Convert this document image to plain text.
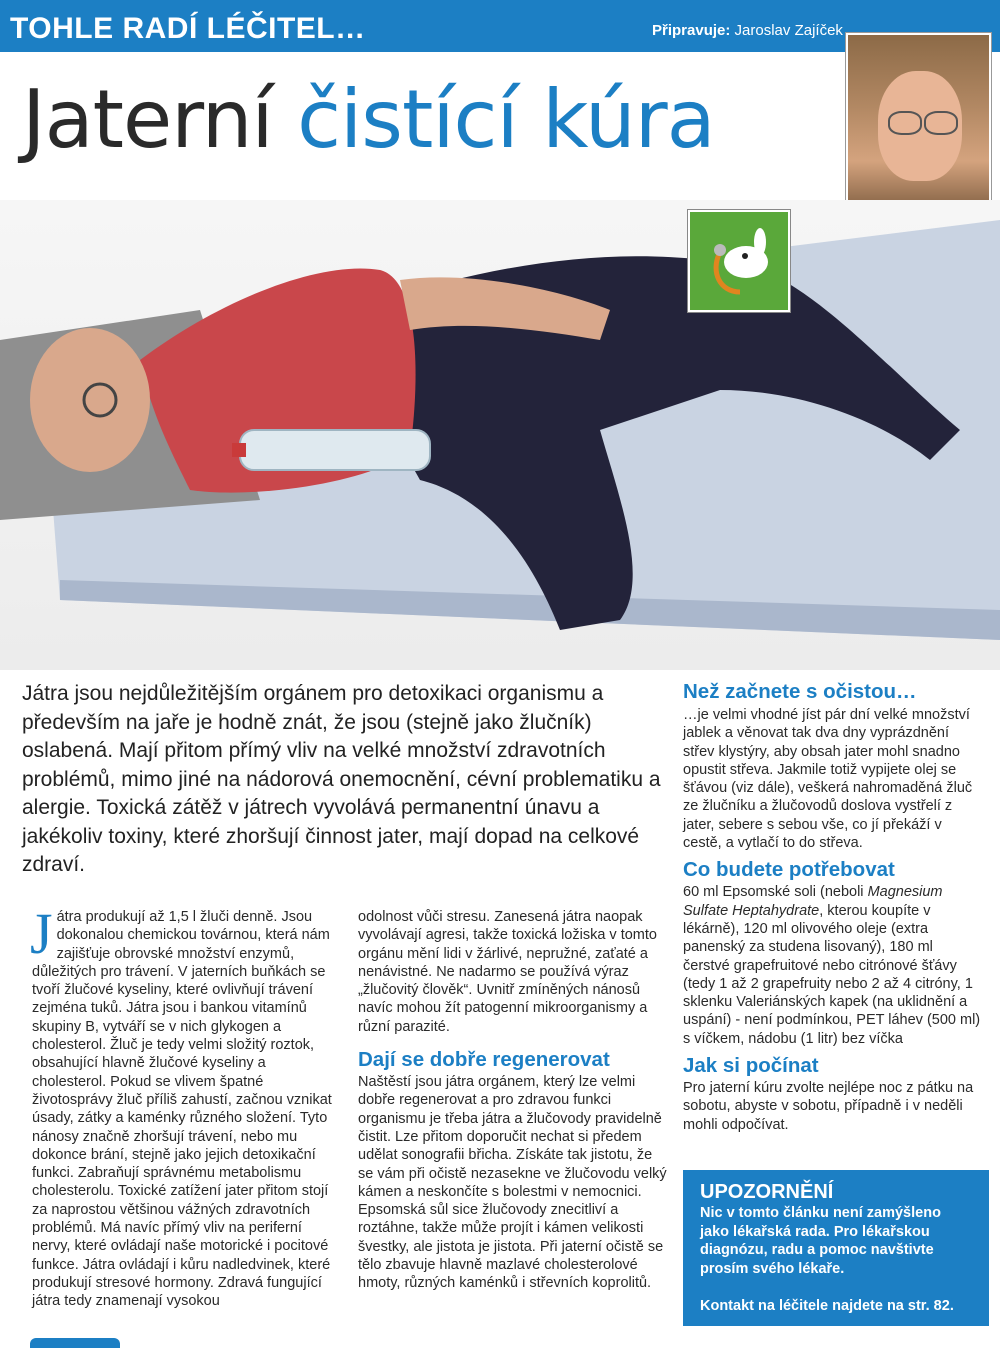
TOHLE RADÍ LÉČITEL…	Připravuje: Jaroslav Zajíček
Jaterní čistící kúra
Játra jsou nejdůležitějším orgánem pro detoxikaci organismu a především na jaře je hodně znát, že jsou (stejně jako žlučník) oslabená. Mají přitom přímý vliv na velké množství zdravotních problémů, mimo jiné na nádorová onemocnění, cévní problematiku a alergie. Toxická zátěž v játrech vyvolává permanentní únavu a jakékoliv toxiny, které zhoršují činnost jater, mají dopad na celkové zdraví.
J átra produkují až 1,5 l žluči denně. Jsou dokonalou chemickou továrnou, která nám zajišťuje obrovské množství enzymů, důležitých pro trávení. V jaterních buňkách se tvoří žlučové kyseliny, které ovlivňují trávení zejména tuků. Játra jsou i bankou vitamínů skupiny B, vytváří se v nich glykogen a cholesterol. Žluč je tedy velmi složitý roztok, obsahující hlavně žlučové kyseliny a cholesterol. Pokud se vlivem špatné životosprávy žluč příliš zahustí, začnou vznikat úsady, zátky a kaménky různého složení. Tyto nánosy značně zhoršují trávení, nebo mu dokonce brání, stejně jako jejich detoxikační funkci. Zabraňují správnému metabolismu cholesterolu. Toxické zatížení jater přitom stojí za naprostou většinou vážných zdravotních problémů. Má navíc přímý vliv na periferní nervy, které ovládají naše motorické i pocitové funkce. Játra ovládají i kůru nadledvinek, které produkují stresové hormony. Zdravá fungující játra tedy znamenají vysokou

odolnost vůči stresu. Zanesená játra naopak vyvolávají agresi, takže toxická ložiska v tomto orgánu mění lidi v žárlivé, nepružné, zaťaté a nenávistné. Ne nadarmo se používá výraz „žlučovitý člověk“. Uvnitř zmíněných nánosů navíc mohou žít patogenní mikroorganismy a různí parazité.

Dají se dobře regenerovat

Naštěstí jsou játra orgánem, který lze velmi dobře regenerovat a pro zdravou funkci organismu je třeba játra a žlučovody pravidelně čistit. Lze přitom doporučit nechat si předem udělat sonografii břicha. Získáte tak jistotu, že se vám při očistě nezasekne ve žlučovodu velký kámen a neskončíte s bolestmi v nemocnici. Epsomská sůl sice žlučovody znecitliví a roztáhne, takže může projít i kámen velikosti švestky, ale jistota je jistota. Při jaterní očistě se tělo zbavuje hlavně mazlavé cholesterolové hmoty, různých kaménků i střevních koprolitů.

Než začnete s očistou…

…je velmi vhodné jíst pár dní velké množství jablek a věnovat tak dva dny vyprázdnění střev klystýry, aby obsah jater mohl snadno opustit střeva. Jakmile totiž vypijete olej se šťávou (viz dále), veškerá nahromaděná žluč ze žlučníku a žlučovodů doslova vystřelí z jater, sebere s sebou vše, co jí překáží v cestě, a vytlačí to do střeva.

Co budete potřebovat

60 ml Epsomské soli (neboli Magnesium Sulfate Heptahydrate, kterou koupíte v lékárně), 120 ml olivového oleje (extra panenský za studena lisovaný), 180 ml čerstvé grapefruitové nebo citrónové šťávy (tedy 1 až 2 grapefruity nebo 2 až 4 citróny, 1 sklenku Valeriánských kapek (na uklidnění a uspání) - není podmínkou, PET láhev (500 ml) s víčkem, nádobu (1 litr) bez víčka

Jak si počínat

Pro jaterní kúru zvolte nejlépe noc z pátku na sobotu, abyste v sobotu, případně i v neděli mohli odpočívat.

UPOZORNĚNÍ
Nic v tomto článku není zamýšleno jako lékařská rada. Pro lékařskou diagnózu, radu a pomoc navštivte prosím svého lékaře.
Kontakt na léčitele najdete na str. 82.
